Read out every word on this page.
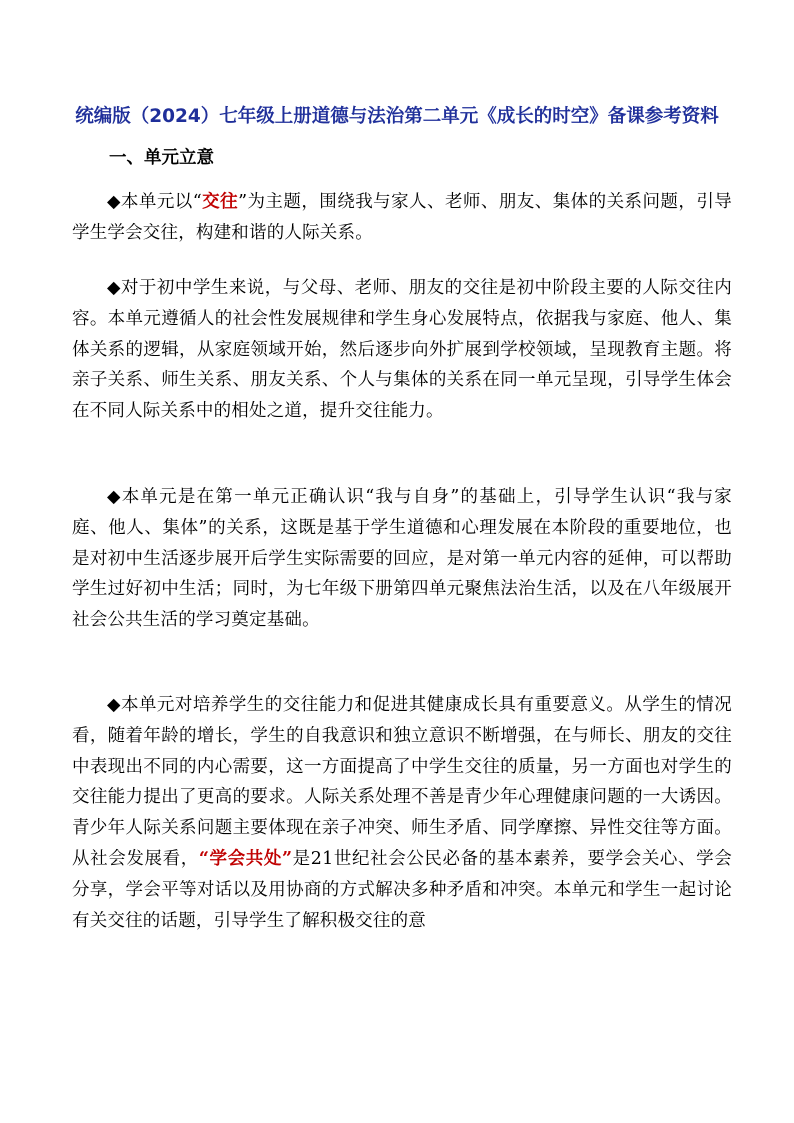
统编版（2024）七年级上册道德与法治第二单元《成长的时空》备课参考资料
一、单元立意

◆本单元以“交往”为主题，围绕我与家人、老师、朋友、集体的关系问题，引导学生学会交往，构建和谐的人际关系。

◆对于初中学生来说，与父母、老师、朋友的交往是初中阶段主要的人际交往内容。本单元遵循人的社会性发展规律和学生身心发展特点，依据我与家庭、他人、集体关系的逻辑，从家庭领域开始，然后逐步向外扩展到学校领域，呈现教育主题。将亲子关系、师生关系、朋友关系、个人与集体的关系在同一单元呈现，引导学生体会在不同人际关系中的相处之道，提升交往能力。

◆本单元是在第一单元正确认识“我与自身”的基础上，引导学生认识“我与家庭、他人、集体”的关系，这既是基于学生道德和心理发展在本阶段的重要地位，也是对初中生活逐步展开后学生实际需要的回应，是对第一单元内容的延伸，可以帮助学生过好初中生活；同时，为七年级下册第四单元聚焦法治生活，以及在八年级展开社会公共生活的学习奠定基础。

◆本单元对培养学生的交往能力和促进其健康成长具有重要意义。从学生的情况看，随着年龄的增长，学生的自我意识和独立意识不断增强，在与师长、朋友的交往中表现出不同的内心需要，这一方面提高了中学生交往的质量，另一方面也对学生的交往能力提出了更高的要求。人际关系处理不善是青少年心理健康问题的一大诱因。青少年人际关系问题主要体现在亲子冲突、师生矛盾、同学摩擦、异性交往等方面。从社会发展看，“学会共处”是21世纪社会公民必备的基本素养，要学会关心、学会分享，学会平等对话以及用协商的方式解决多种矛盾和冲突。本单元和学生一起讨论有关交往的话题，引导学生了解积极交往的意
